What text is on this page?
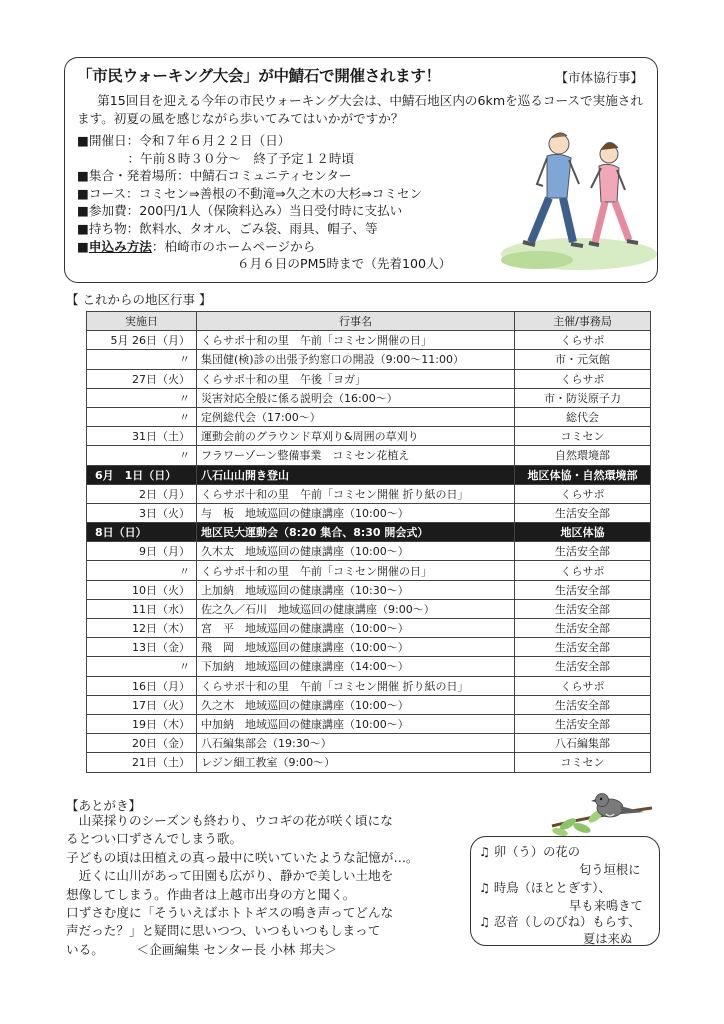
「市民ウォーキング大会」が中鯖石で開催されます！	【市体協行事】
第15回目を迎える今年の市民ウォーキング大会は、中鯖石地区内の6kmを巡るコースで実施されます。初夏の風を感じながら歩いてみてはいかがですか？
■開催日：令和７年６月２２日（日）
　　　　：午前８時３０分～　終了予定１２時頃
■集合・発着場所：中鯖石コミュニティセンター
■コース：コミセン⇒善根の不動滝⇒久之木の大杉⇒コミセン
■参加費：200円/1人（保険料込み）当日受付時に支払い
■持ち物：飲料水、タオル、ごみ袋、雨具、帽子、等
■申込み方法：柏崎市のホームページから
６月６日のPM5時まで（先着100人）
【 これからの地区行事 】
実施日	行事名	主催/事務局
5月 26日（月）	くらサポ十和の里　午前「コミセン開催の日」	くらサポ
〃	集団健(検)診の出張予約窓口の開設（9:00～11:00）	市・元気館
27日（火）	くらサポ十和の里　午後「ヨガ」	くらサポ
〃	災害対応全般に係る説明会（16:00～）	市・防災原子力
〃	定例総代会（17:00～）	総代会
31日（土）	運動会前のグラウンド草刈り&周囲の草刈り	コミセン
〃	フラワーゾーン整備事業　コミセン花植え	自然環境部
6月　1日（日）	八石山山開き登山	地区体協・自然環境部
2日（月）	くらサポ十和の里　午前「コミセン開催 折り紙の日」	くらサポ
3日（火）	与　板　地域巡回の健康講座（10:00～）	生活安全部
8日（日）	地区民大運動会（8:20 集合、8:30 開会式）	地区体協
9日（月）	久木太　地域巡回の健康講座（10:00～）	生活安全部
〃	くらサポ十和の里　午前「コミセン開催の日」	くらサポ
10日（火）	上加納　地域巡回の健康講座（10:30～）	生活安全部
11日（水）	佐之久／石川　地域巡回の健康講座（9:00～）	生活安全部
12日（木）	宮　平　地域巡回の健康講座（10:00～）	生活安全部
13日（金）	飛　岡　地域巡回の健康講座（10:00～）	生活安全部
〃	下加納　地域巡回の健康講座（14:00～）	生活安全部
16日（月）	くらサポ十和の里　午前「コミセン開催 折り紙の日」	くらサポ
17日（火）	久之木　地域巡回の健康講座（10:00～）	生活安全部
19日（木）	中加納　地域巡回の健康講座（10:00～）	生活安全部
20日（金）	八石編集部会（19:30～）	八石編集部
21日（土）	レジン細工教室（9:00～）	コミセン
【あとがき】

山菜採りのシーズンも終わり、ウコギの花が咲く頃にな

るとつい口ずさんでしまう歌。

子どもの頃は田植えの真っ最中に咲いていたような記憶が…。

近くに山川があって田園も広がり、静かで美しい土地を

想像してしまう。作曲者は上越市出身の方と聞く。

口ずさむ度に「そういえばホトトギスの鳴き声ってどんな

声だった？」と疑問に思いつつ、いつもいつもしまって

いる。	＜企画編集 センター長 小林 邦夫＞

♫ 卯（う）の花の
匂う垣根に
♫ 時鳥（ほととぎす）、
早も来鳴きて
♫ 忍音（しのびね）もらす、
夏は来ぬ
